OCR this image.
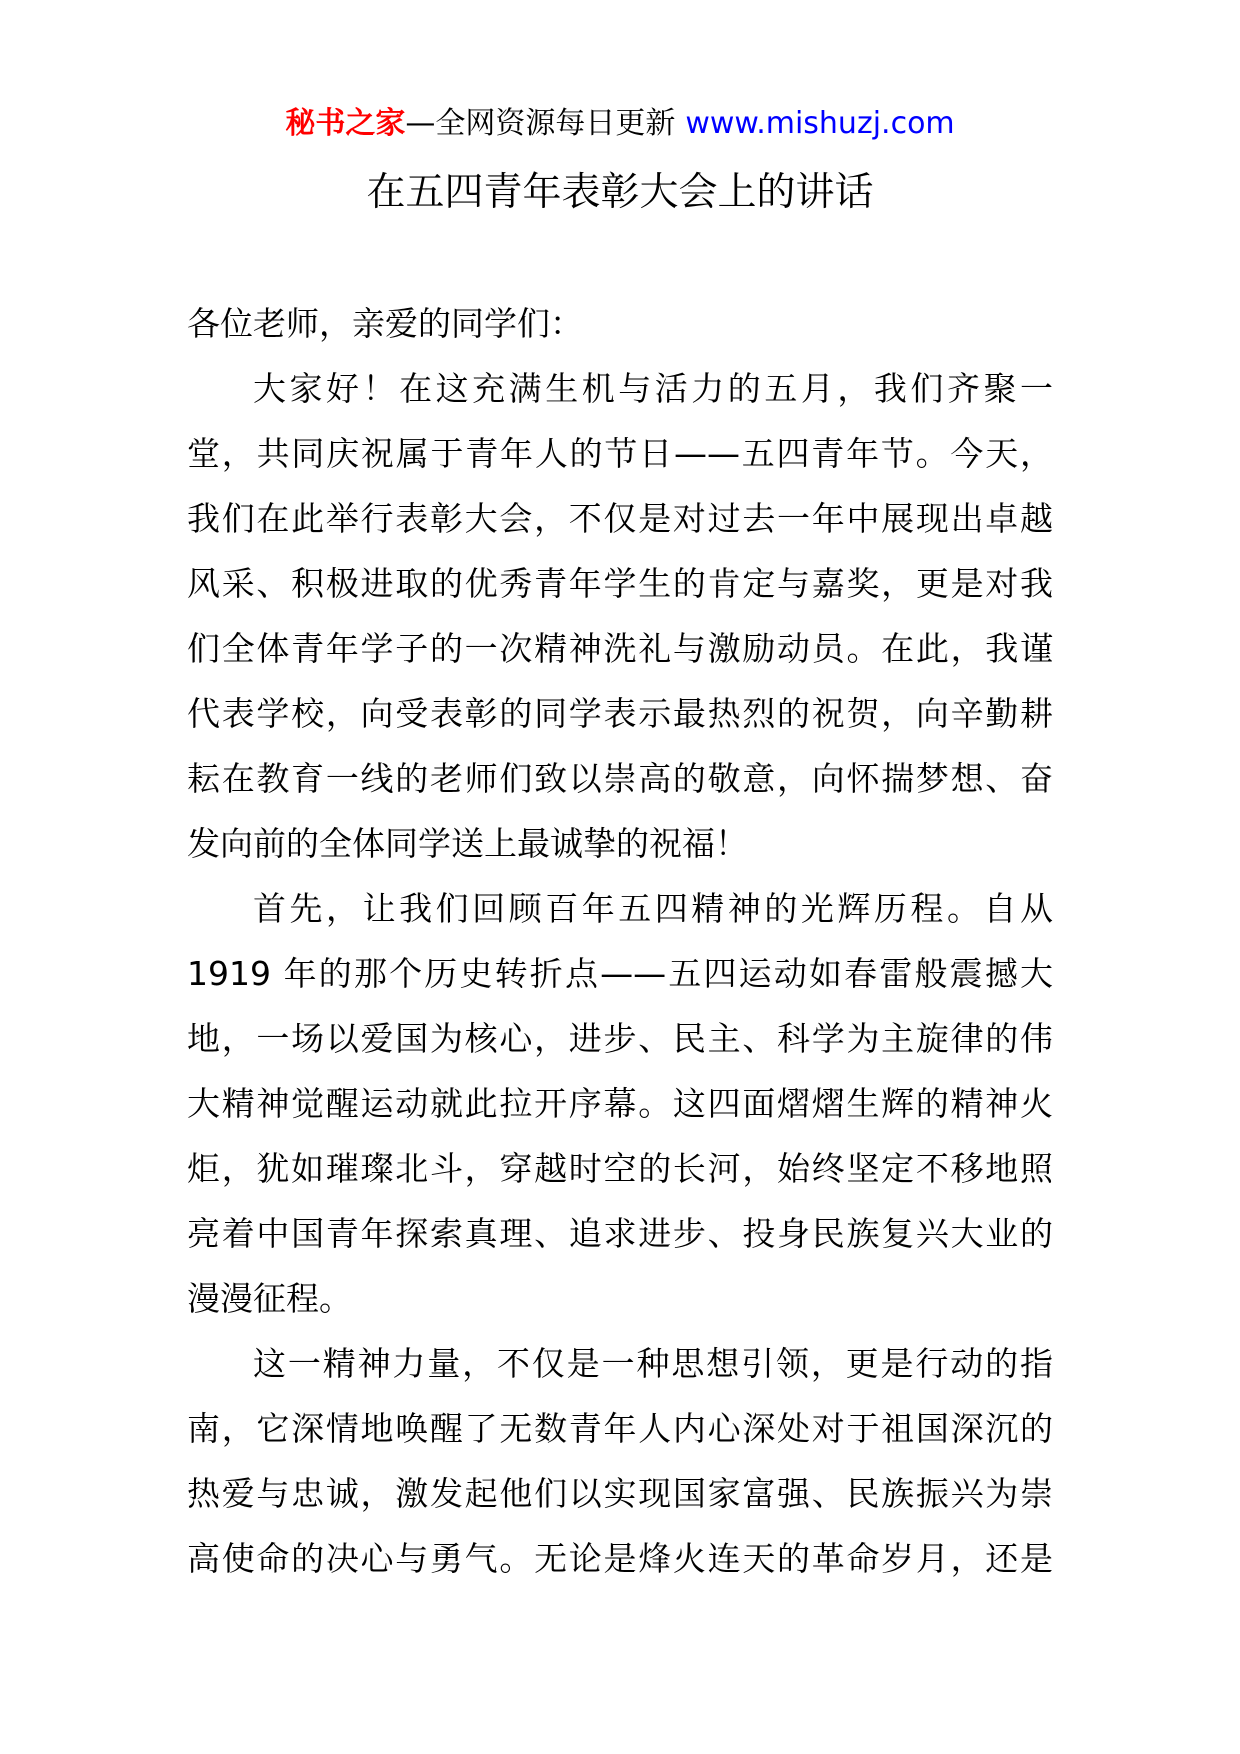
秘书之家—全网资源每日更新 www.mishuzj.com
在五四青年表彰大会上的讲话
各位老师，亲爱的同学们：
大家好！在这充满生机与活力的五月，我们齐聚一
堂，共同庆祝属于青年人的节日——五四青年节。今天，
我们在此举行表彰大会，不仅是对过去一年中展现出卓越
风采、积极进取的优秀青年学生的肯定与嘉奖，更是对我
们全体青年学子的一次精神洗礼与激励动员。在此，我谨
代表学校，向受表彰的同学表示最热烈的祝贺，向辛勤耕
耘在教育一线的老师们致以崇高的敬意，向怀揣梦想、奋
发向前的全体同学送上最诚挚的祝福！
首先，让我们回顾百年五四精神的光辉历程。自从
1919 年的那个历史转折点——五四运动如春雷般震撼大
地，一场以爱国为核心，进步、民主、科学为主旋律的伟
大精神觉醒运动就此拉开序幕。这四面熠熠生辉的精神火
炬，犹如璀璨北斗，穿越时空的长河，始终坚定不移地照
亮着中国青年探索真理、追求进步、投身民族复兴大业的
漫漫征程。
这一精神力量，不仅是一种思想引领，更是行动的指
南，它深情地唤醒了无数青年人内心深处对于祖国深沉的
热爱与忠诚，激发起他们以实现国家富强、民族振兴为崇
高使命的决心与勇气。无论是烽火连天的革命岁月，还是
